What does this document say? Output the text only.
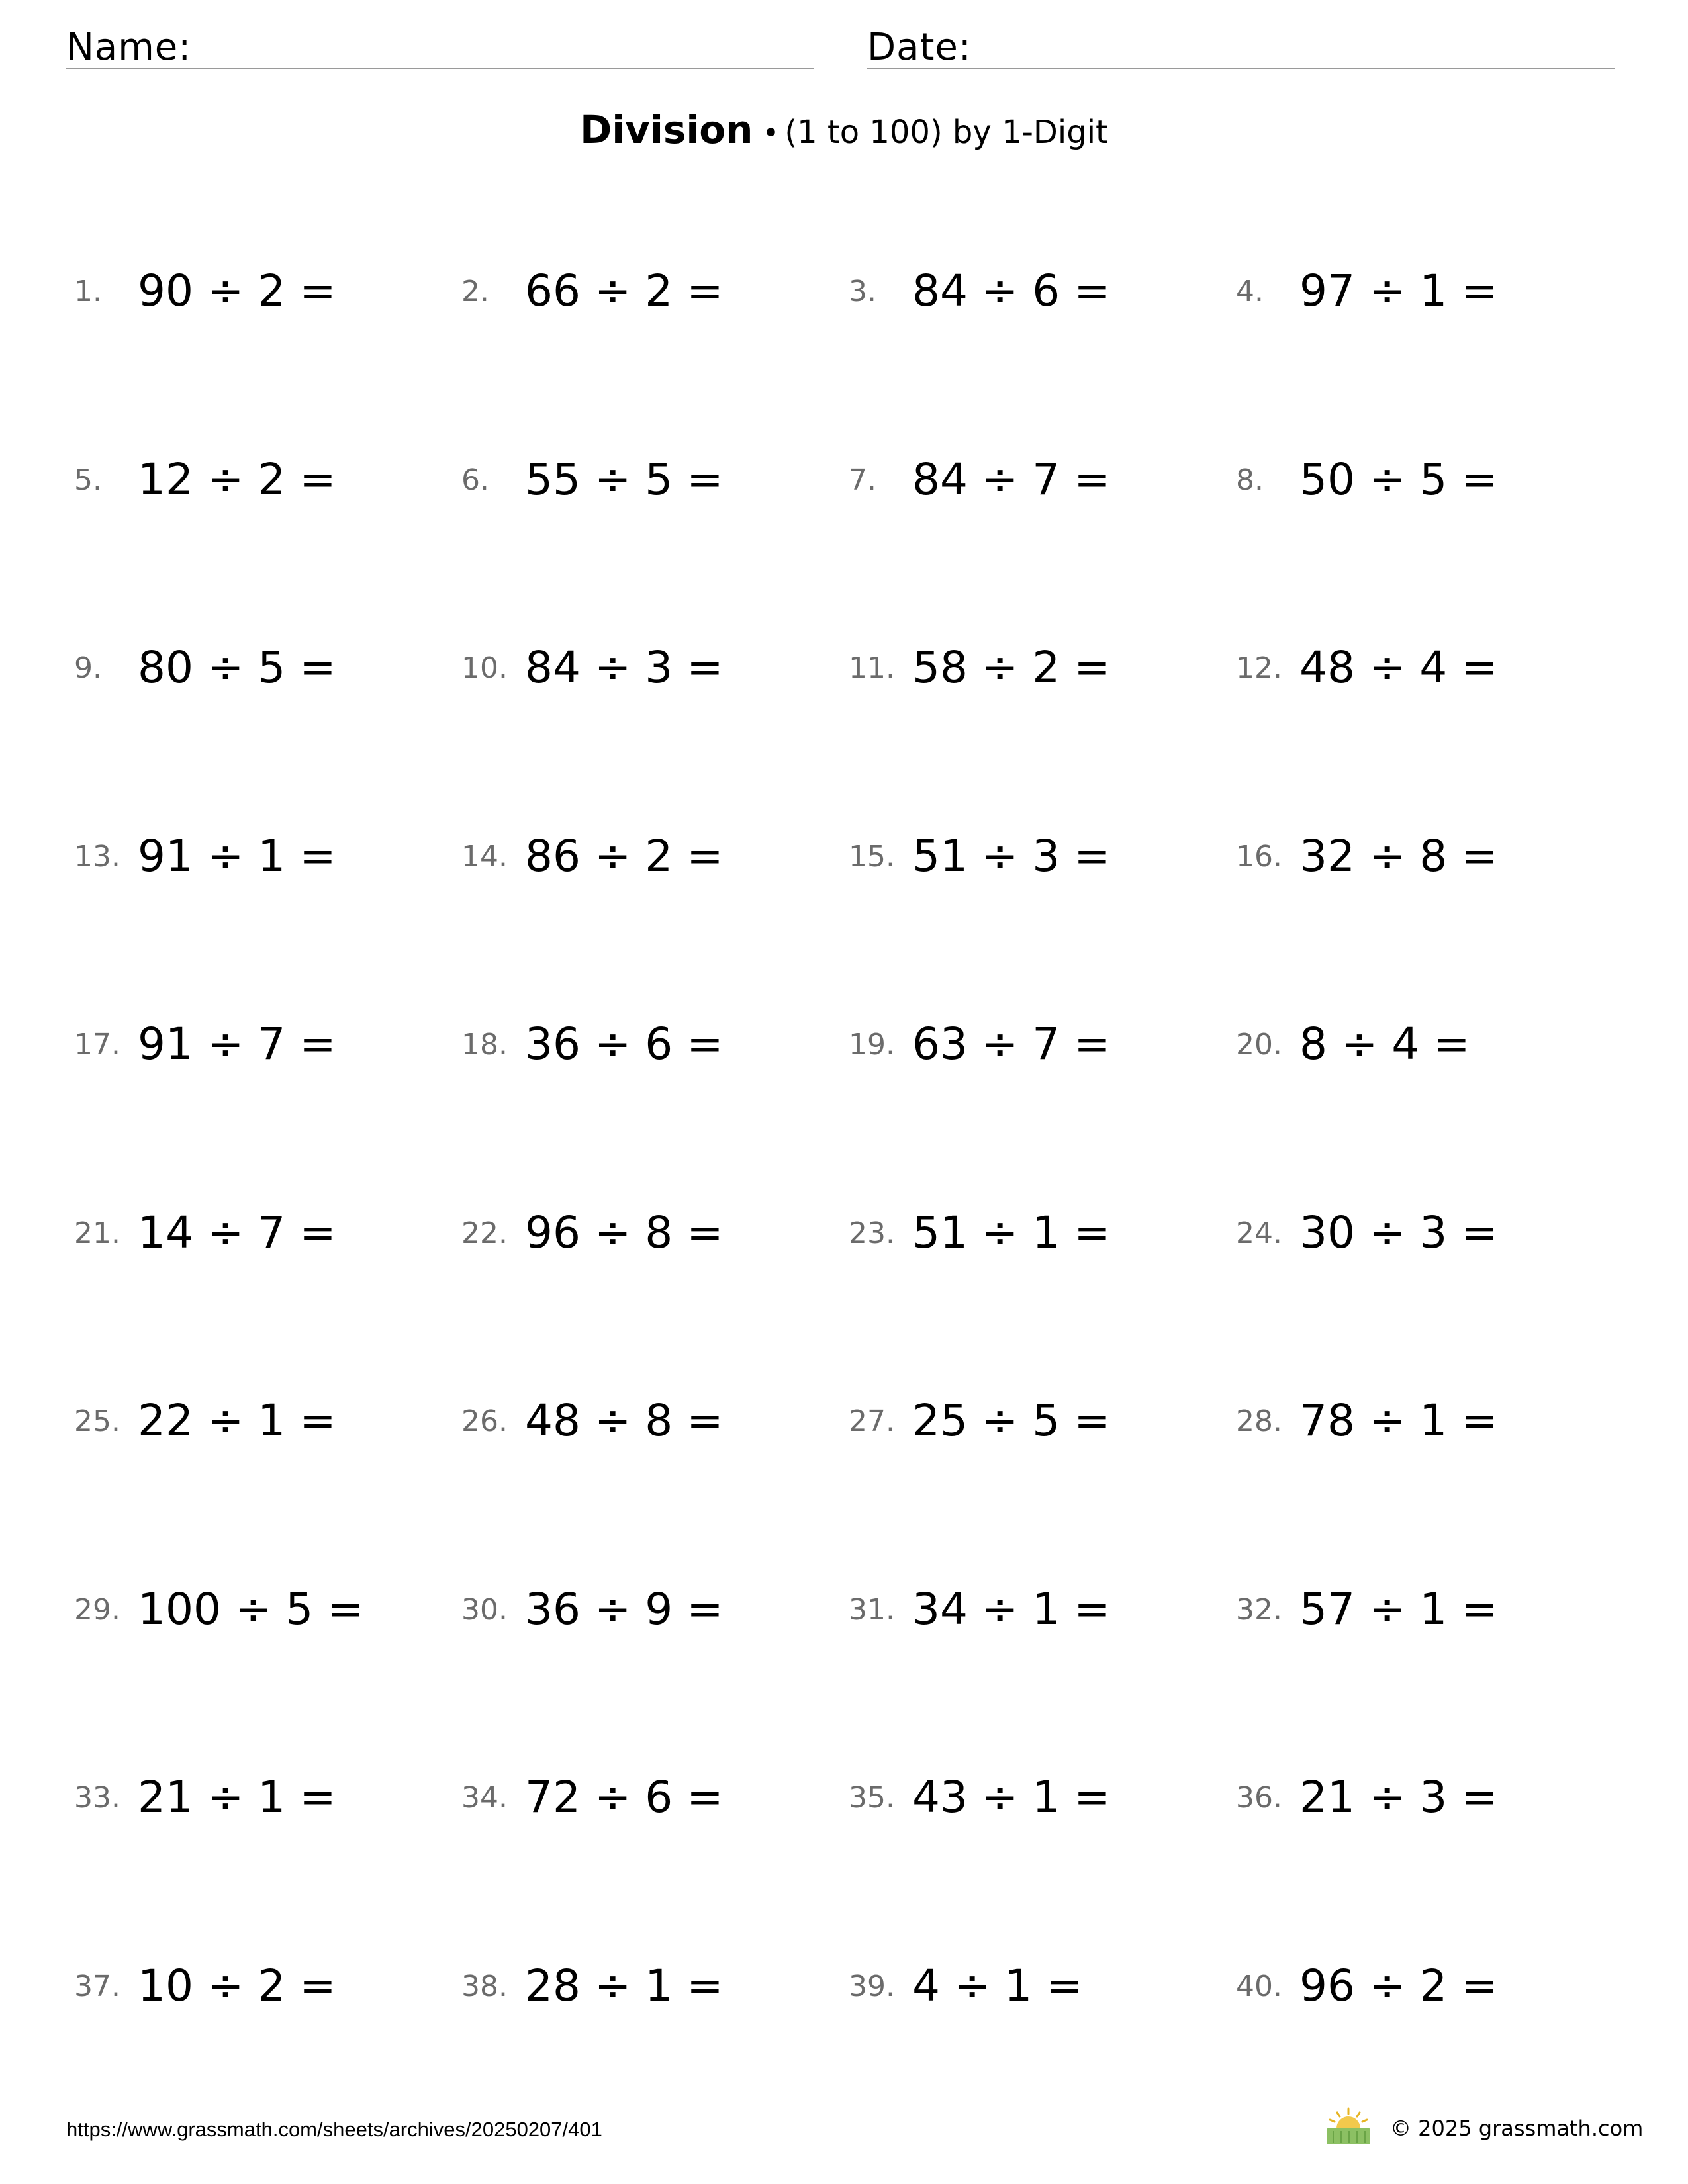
Name:	Date:
Division • (1 to 100) by 1-Digit
1. 90 ÷ 2 =	2. 66 ÷ 2 =	3. 84 ÷ 6 =	4. 97 ÷ 1 =
5. 12 ÷ 2 =	6. 55 ÷ 5 =	7. 84 ÷ 7 =	8. 50 ÷ 5 =
9. 80 ÷ 5 =	10. 84 ÷ 3 =	11. 58 ÷ 2 =	12. 48 ÷ 4 =
13. 91 ÷ 1 =	14. 86 ÷ 2 =	15. 51 ÷ 3 =	16. 32 ÷ 8 =
17. 91 ÷ 7 =	18. 36 ÷ 6 =	19. 63 ÷ 7 =	20. 8 ÷ 4 =
21. 14 ÷ 7 =	22. 96 ÷ 8 =	23. 51 ÷ 1 =	24. 30 ÷ 3 =
25. 22 ÷ 1 =	26. 48 ÷ 8 =	27. 25 ÷ 5 =	28. 78 ÷ 1 =
29. 100 ÷ 5 =	30. 36 ÷ 9 =	31. 34 ÷ 1 =	32. 57 ÷ 1 =
33. 21 ÷ 1 =	34. 72 ÷ 6 =	35. 43 ÷ 1 =	36. 21 ÷ 3 =
37. 10 ÷ 2 =	38. 28 ÷ 1 =	39. 4 ÷ 1 =	40. 96 ÷ 2 =
https://www.grassmath.com/sheets/archives/20250207/401	© 2025 grassmath.com
